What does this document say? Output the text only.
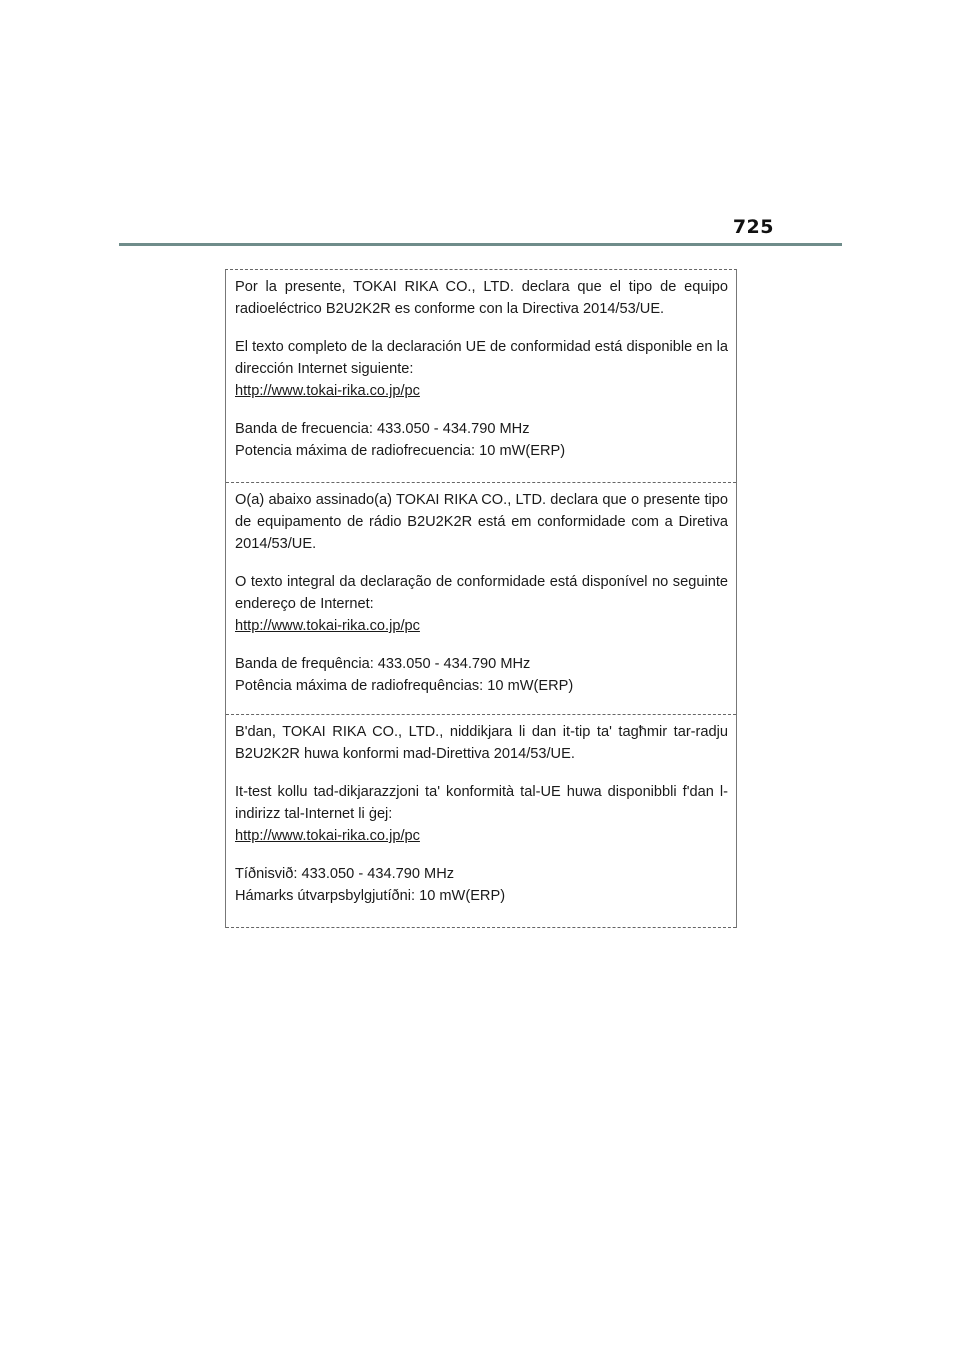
725

Por la presente, TOKAI RIKA CO., LTD. declara que el tipo de equipo radioeléctrico B2U2K2R es conforme con la Directiva 2014/53/UE.

El texto completo de la declaración UE de conformidad está disponible en la dirección Internet siguiente:

http://www.tokai-rika.co.jp/pc

Banda de frecuencia: 433.050 - 434.790 MHz

Potencia máxima de radiofrecuencia: 10 mW(ERP)

O(a) abaixo assinado(a) TOKAI RIKA CO., LTD. declara que o presente tipo de equipamento de rádio B2U2K2R está em conformidade com a Diretiva 2014/53/UE.

O texto integral da declaração de conformidade está disponível no seguinte endereço de Internet:

http://www.tokai-rika.co.jp/pc

Banda de frequência: 433.050 - 434.790 MHz

Potência máxima de radiofrequências: 10 mW(ERP)

B'dan, TOKAI RIKA CO., LTD., niddikjara li dan it-tip ta' tagħmir tar-radju B2U2K2R huwa konformi mad-Direttiva 2014/53/UE.

It-test kollu tad-dikjarazzjoni ta' konformità tal-UE huwa disponibbli f'dan l-indirizz tal-Internet li ġej:

http://www.tokai-rika.co.jp/pc

Tíðnisvið: 433.050 - 434.790 MHz

Hámarks útvarpsbylgjutíðni: 10 mW(ERP)
